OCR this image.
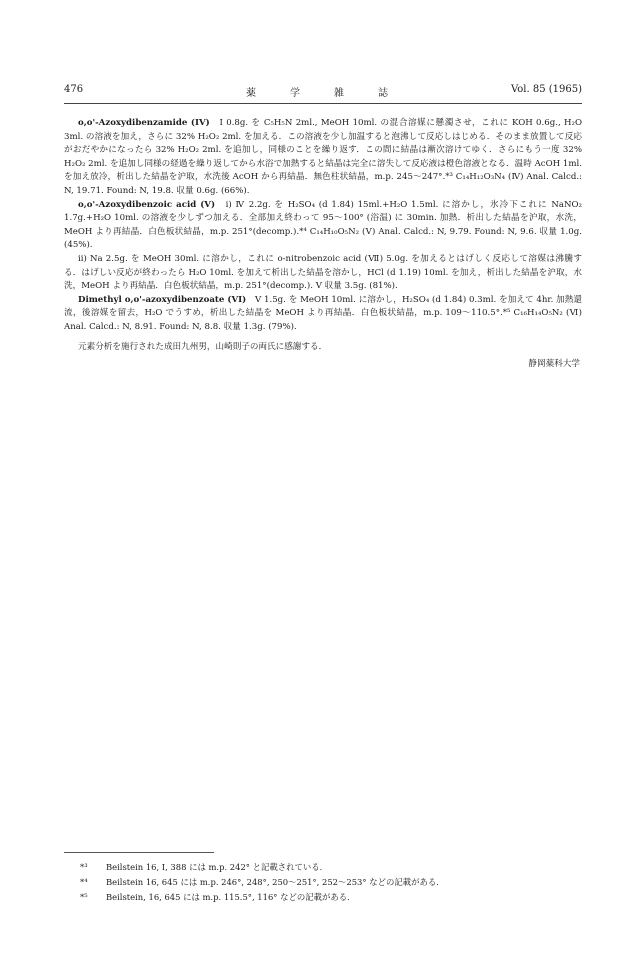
476	薬　学　雑　誌	Vol. 85 (1965)

o,o'-Azoxydibenzamide (IV)　I 0.8g. を C₅H₅N 2ml., MeOH 10ml. の混合溶媒に懸濁させ，これに KOH 0.6g., H₂O 3ml. の溶液を加え，さらに 32% H₂O₂ 2ml. を加える．この溶液を少し加温すると泡沸して反応しはじめる．そのまま放置して反応がおだやかになったら 32% H₂O₂ 2ml. を追加し，同様のことを繰り返す．この間に結晶は漸次溶けてゆく．さらにもう一度 32% H₂O₂ 2ml. を追加し同様の経過を繰り返してから水浴で加熱すると結晶は完全に溶失して反応液は橙色溶液となる．温時 AcOH 1ml. を加え放冷，析出した結晶を沪取，水洗後 AcOH から再結晶．無色柱状結晶，m.p. 245～247°.*³ C₁₄H₁₂O₃N₄ (Ⅳ) Anal. Calcd.: N, 19.71. Found: N, 19.8. 収量 0.6g. (66%).

o,o'-Azoxydibenzoic acid (V)　i) Ⅳ 2.2g. を H₂SO₄ (d 1.84) 15ml.+H₂O 1.5ml. に溶かし，氷冷下これに NaNO₂ 1.7g.+H₂O 10ml. の溶液を少しずつ加える．全部加え終わって 95～100° (浴温) に 30min. 加熱．析出した結晶を沪取，水洗，MeOH より再結晶．白色板状結晶，m.p. 251°(decomp.).*⁴ C₁₄H₁₀O₅N₂ (Ⅴ) Anal. Calcd.: N, 9.79. Found: N, 9.6. 収量 1.0g. (45%).

ii) Na 2.5g. を MeOH 30ml. に溶かし，これに o-nitrobenzoic acid (Ⅶ) 5.0g. を加えるとはげしく反応して溶媒は沸騰する．はげしい反応が終わったら H₂O 10ml. を加えて析出した結晶を溶かし，HCl (d 1.19) 10ml. を加え，析出した結晶を沪取，水洗，MeOH より再結晶．白色板状結晶，m.p. 251°(decomp.). Ⅴ 収量 3.5g. (81%).

Dimethyl o,o'-azoxydibenzoate (VI)　Ⅴ 1.5g. を MeOH 10ml. に溶かし，H₂SO₄ (d 1.84) 0.3ml. を加えて 4hr. 加熱還流，後溶媒を留去，H₂O でうすめ，析出した結晶を MeOH より再結晶．白色板状結晶，m.p. 109～110.5°.*⁵ C₁₆H₁₄O₅N₂ (Ⅵ) Anal. Calcd.: N, 8.91. Found: N, 8.8. 収量 1.3g. (79%).

元素分析を施行された成田九州男，山崎則子の両氏に感謝する．

静岡薬科大学

*³ Beilstein 16, I, 388 には m.p. 242° と記載されている．
*⁴ Beilstein 16, 645 には m.p. 246°, 248°, 250～251°, 252～253° などの記載がある．
*⁵ Beilstein, 16, 645 には m.p. 115.5°, 116° などの記載がある．
